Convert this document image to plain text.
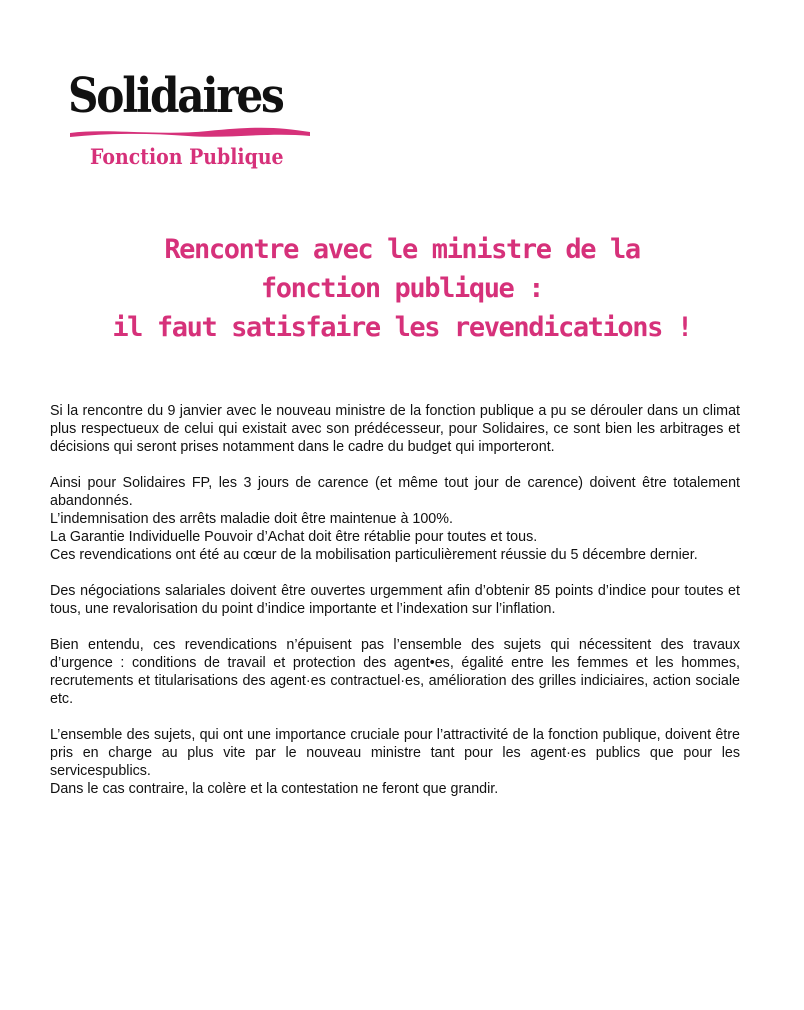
Solidaires
Fonction Publique
Rencontre avec le ministre de la
fonction publique :
il faut satisfaire les revendications !

Si la rencontre du 9 janvier avec le nouveau ministre de la fonction publique a pu se dérouler dans un climat plus respectueux de celui qui existait avec son prédécesseur, pour Solidaires, ce sont bien les arbitrages et décisions qui seront prises notamment dans le cadre du budget qui importeront.

Ainsi pour Solidaires FP, les 3 jours de carence (et même tout jour de carence) doivent être totalement abandonnés.
L’indemnisation des arrêts maladie doit être maintenue à 100%.
La Garantie Individuelle Pouvoir d’Achat doit être rétablie pour toutes et tous.
Ces revendications ont été au cœur de la mobilisation particulièrement réussie du 5 décembre dernier.

Des négociations salariales doivent être ouvertes urgemment afin d’obtenir 85 points d’indice pour toutes et tous, une revalorisation du point d’indice importante et l’indexation sur l’inflation.

Bien entendu, ces revendications n’épuisent pas l’ensemble des sujets qui nécessitent des travaux d’urgence : conditions de travail et protection des agent•es, égalité entre les femmes et les hommes, recrutements et titularisations des agent·es contractuel·es, amélioration des grilles indiciaires, action sociale etc.

L’ensemble des sujets, qui ont une importance cruciale pour l’attractivité de la fonction publique, doivent être pris en charge au plus vite par le nouveau ministre tant pour les agent·es publics que pour les servicespublics.
Dans le cas contraire, la colère et la contestation ne feront que grandir.
